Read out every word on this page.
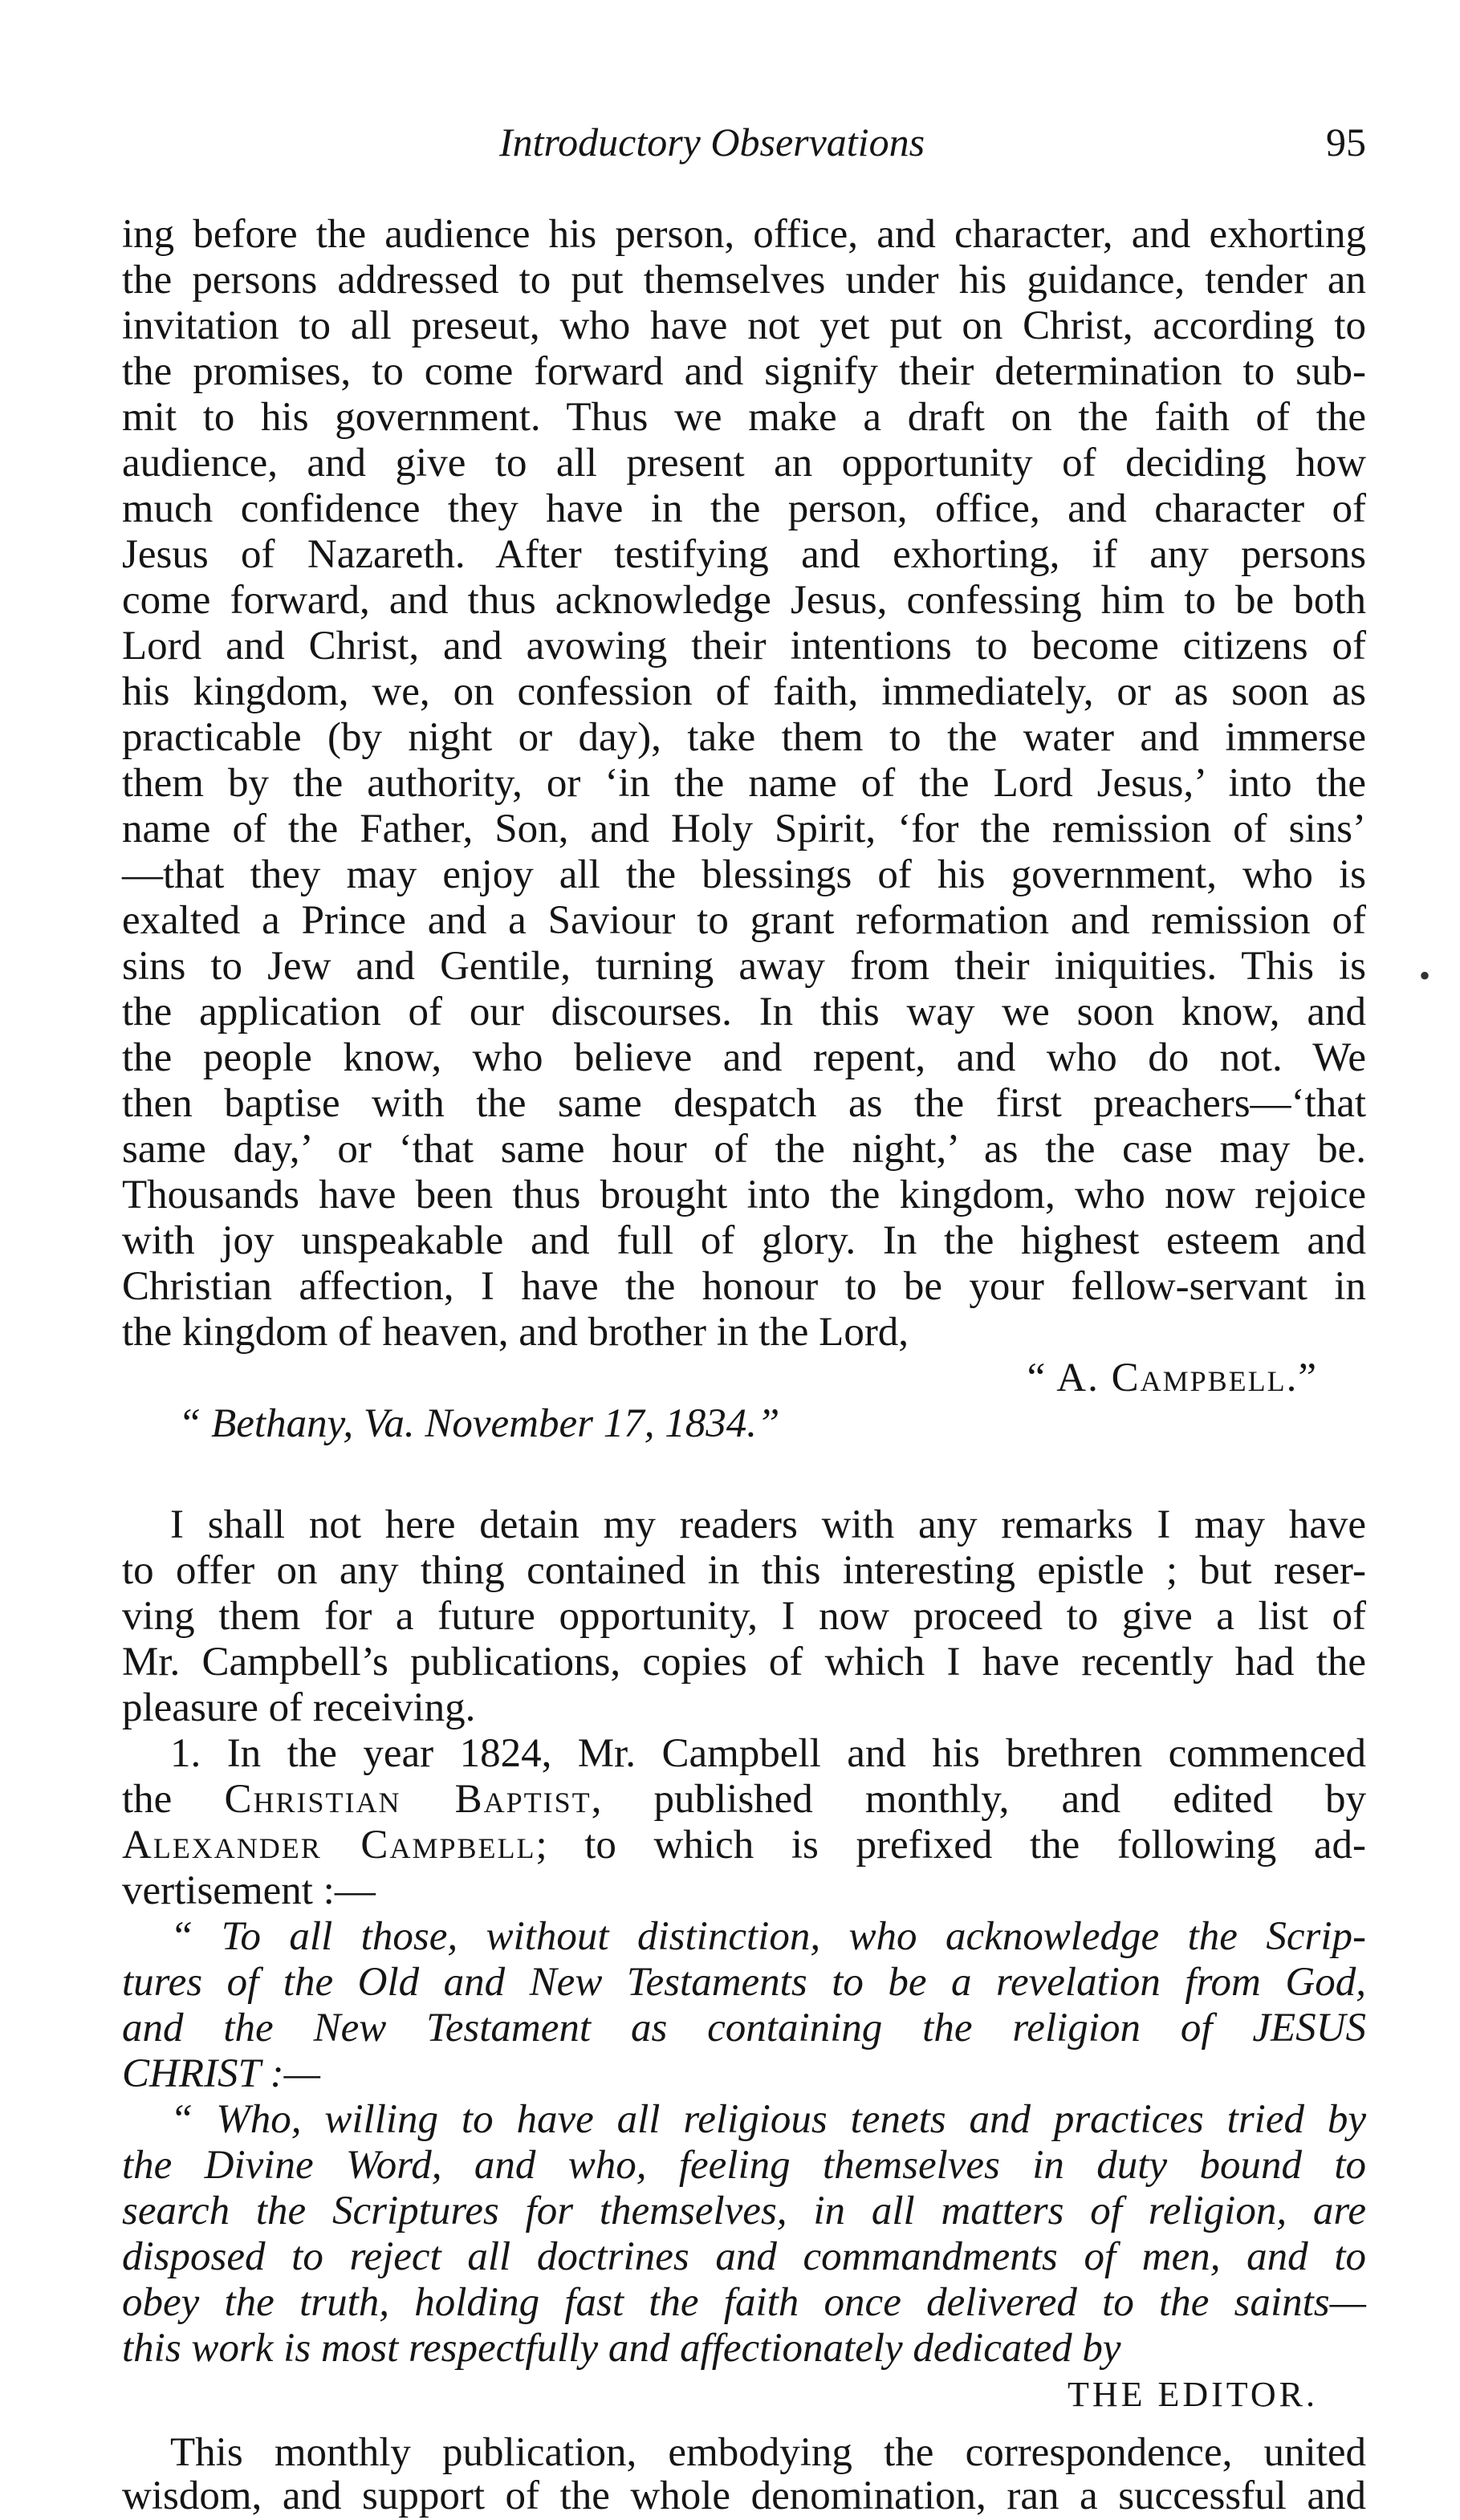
Introductory Observations	95
ing before the audience his person, office, and character, and exhorting
the persons addressed to put themselves under his guidance, tender an
invitation to all preseut, who have not yet put on Christ, according to
the promises, to come forward and signify their determination to sub-
mit to his government. Thus we make a draft on the faith of the
audience, and give to all present an opportunity of deciding how
much confidence they have in the person, office, and character of
Jesus of Nazareth. After testifying and exhorting, if any persons
come forward, and thus acknowledge Jesus, confessing him to be both
Lord and Christ, and avowing their intentions to become citizens of
his kingdom, we, on confession of faith, immediately, or as soon as
practicable (by night or day), take them to the water and immerse
them by the authority, or ‘in the name of the Lord Jesus,’ into the
name of the Father, Son, and Holy Spirit, ‘for the remission of sins’
—that they may enjoy all the blessings of his government, who is
exalted a Prince and a Saviour to grant reformation and remission of
sins to Jew and Gentile, turning away from their iniquities. This is
the application of our discourses. In this way we soon know, and
the people know, who believe and repent, and who do not. We
then baptise with the same despatch as the first preachers—‘that
same day,’ or ‘that same hour of the night,’ as the case may be.
Thousands have been thus brought into the kingdom, who now rejoice
with joy unspeakable and full of glory. In the highest esteem and
Christian affection, I have the honour to be your fellow-servant in
the kingdom of heaven, and brother in the Lord,
“ A. Campbell.”
“ Bethany, Va. November 17, 1834.”
I shall not here detain my readers with any remarks I may have
to offer on any thing contained in this interesting epistle ; but reser-
ving them for a future opportunity, I now proceed to give a list of
Mr. Campbell’s publications, copies of which I have recently had the
pleasure of receiving.
1. In the year 1824, Mr. Campbell and his brethren commenced
the Christian Baptist, published monthly, and edited by
Alexander Campbell; to which is prefixed the following ad-
vertisement :—
“ To all those, without distinction, who acknowledge the Scrip-
tures of the Old and New Testaments to be a revelation from God,
and the New Testament as containing the religion of JESUS
CHRIST :—
“ Who, willing to have all religious tenets and practices tried by
the Divine Word, and who, feeling themselves in duty bound to
search the Scriptures for themselves, in all matters of religion, are
disposed to reject all doctrines and commandments of men, and to
obey the truth, holding fast the faith once delivered to the saints—
this work is most respectfully and affectionately dedicated by
THE EDITOR.
This monthly publication, embodying the correspondence, united
wisdom, and support of the whole denomination, ran a successful and
•
